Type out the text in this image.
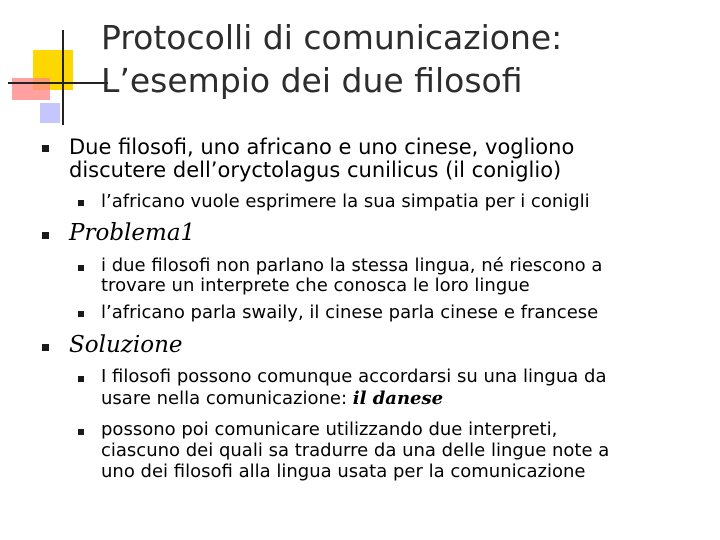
Protocolli di comunicazione:
L’esempio dei due filosofi
Due filosofi, uno africano e uno cinese, vogliono
discutere dell’oryctolagus cunilicus (il coniglio)
l’africano vuole esprimere la sua simpatia per i conigli
Problema1
i due filosofi non parlano la stessa lingua, né riescono a
trovare un interprete che conosca le loro lingue
l’africano parla swaily, il cinese parla cinese e francese
Soluzione
I filosofi possono comunque accordarsi su una lingua da
usare nella comunicazione: il danese
possono poi comunicare utilizzando due interpreti,
ciascuno dei quali sa tradurre da una delle lingue note a
uno dei filosofi alla lingua usata per la comunicazione
